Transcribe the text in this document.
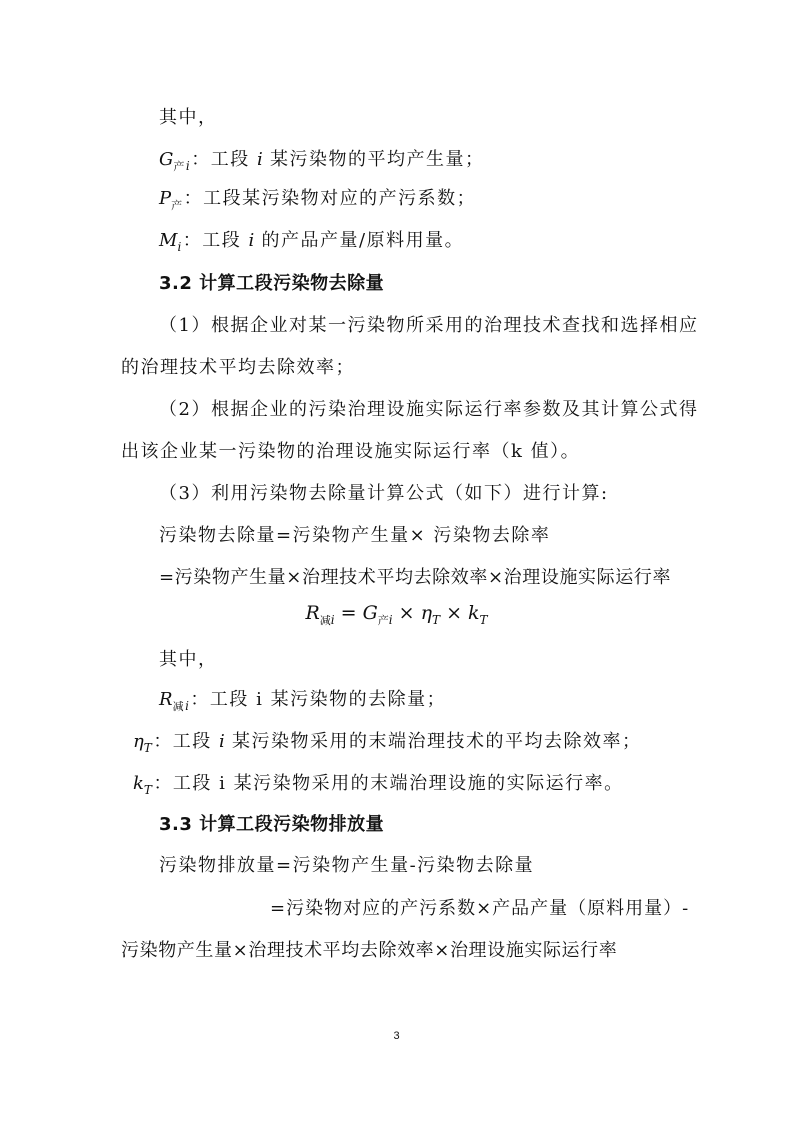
其中，
$G_{产i}$：工段 i 某污染物的平均产生量；
$P_产$：工段某污染物对应的产污系数；
$M_i$：工段 i 的产品产量/原料用量。
3.2 计算工段污染物去除量
（1）根据企业对某一污染物所采用的治理技术查找和选择相应
的治理技术平均去除效率；
（2）根据企业的污染治理设施实际运行率参数及其计算公式得
出该企业某一污染物的治理设施实际运行率（k 值）。
（3）利用污染物去除量计算公式（如下）进行计算:
污染物去除量=污染物产生量× 污染物去除率
=污染物产生量×治理技术平均去除效率×治理设施实际运行率
$R_{减i} = G_{产i} \times \eta_T \times k_T$
其中，
$R_{减i}$：工段 i 某污染物的去除量；
$\eta_T$：工段 i 某污染物采用的末端治理技术的平均去除效率；
$k_T$：工段 i 某污染物采用的末端治理设施的实际运行率。
3.3 计算工段污染物排放量
污染物排放量=污染物产生量-污染物去除量
=污染物对应的产污系数×产品产量（原料用量）-
污染物产生量×治理技术平均去除效率×治理设施实际运行率
3
